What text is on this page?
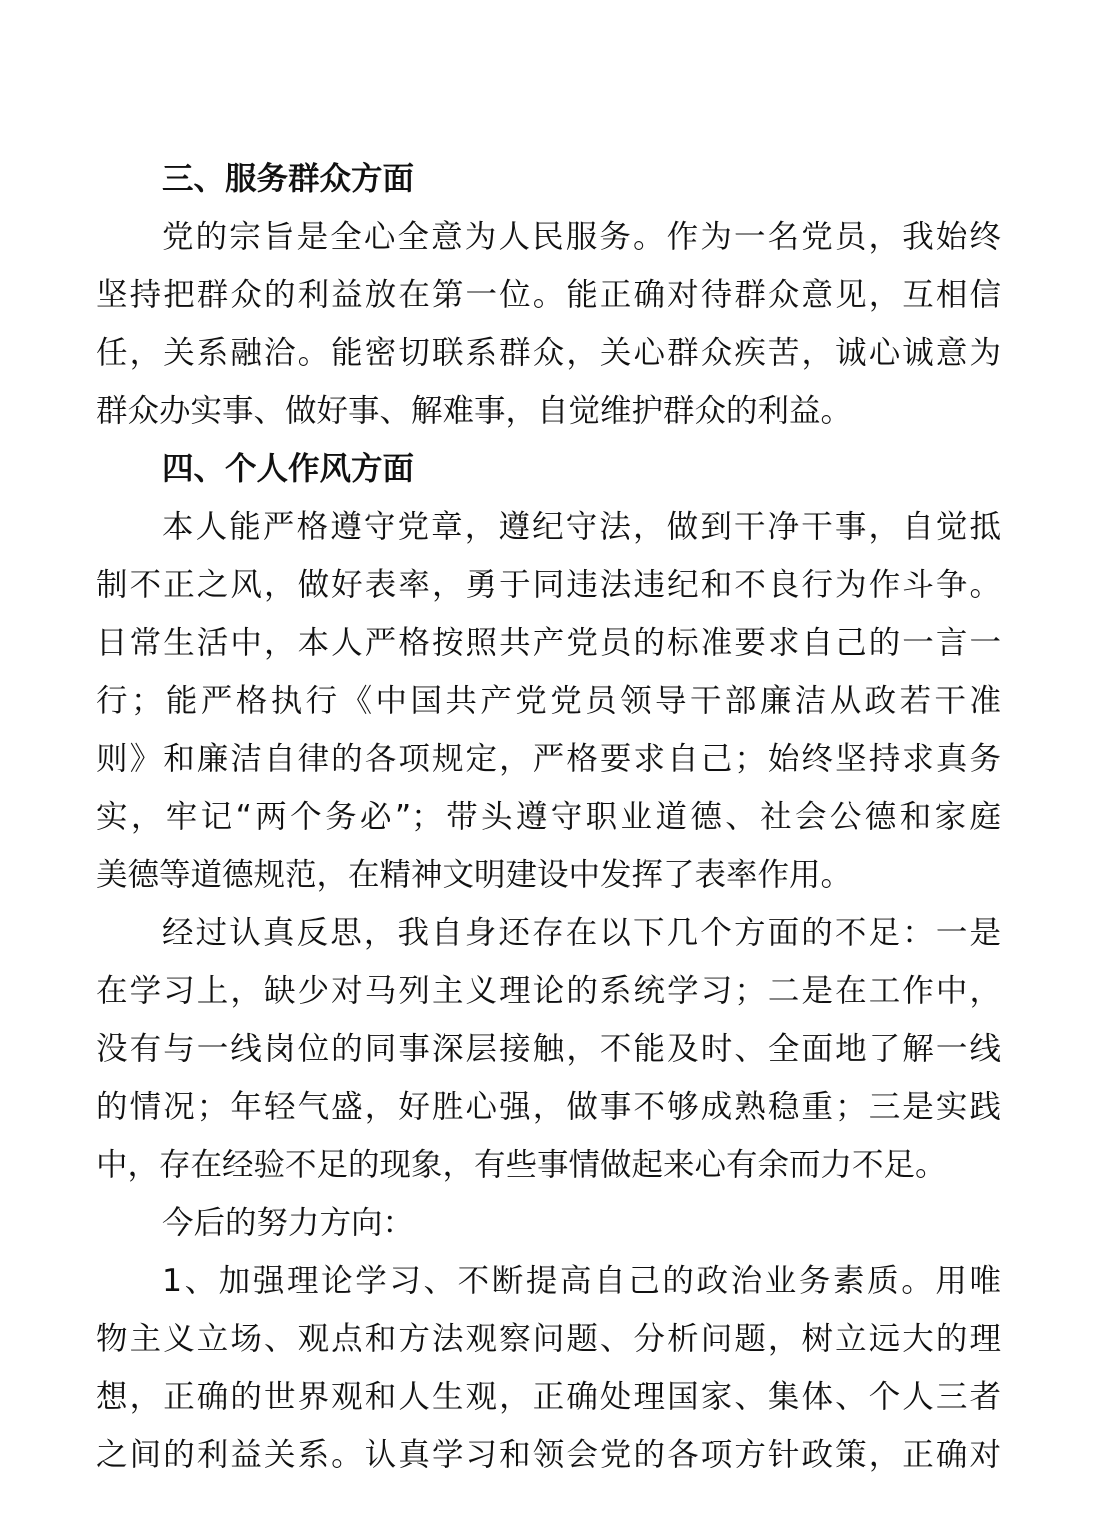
三、服务群众方面
党的宗旨是全心全意为人民服务。作为一名党员，我始终
坚持把群众的利益放在第一位。能正确对待群众意见，互相信
任，关系融洽。能密切联系群众，关心群众疾苦，诚心诚意为
群众办实事、做好事、解难事，自觉维护群众的利益。
四、个人作风方面
本人能严格遵守党章，遵纪守法，做到干净干事，自觉抵
制不正之风，做好表率，勇于同违法违纪和不良行为作斗争。
日常生活中，本人严格按照共产党员的标准要求自己的一言一
行；能严格执行《中国共产党党员领导干部廉洁从政若干准
则》和廉洁自律的各项规定，严格要求自己；始终坚持求真务
实，牢记“两个务必”；带头遵守职业道德、社会公德和家庭
美德等道德规范，在精神文明建设中发挥了表率作用。
经过认真反思，我自身还存在以下几个方面的不足：一是
在学习上，缺少对马列主义理论的系统学习；二是在工作中，
没有与一线岗位的同事深层接触，不能及时、全面地了解一线
的情况；年轻气盛，好胜心强，做事不够成熟稳重；三是实践
中，存在经验不足的现象，有些事情做起来心有余而力不足。
今后的努力方向：
1、加强理论学习、不断提高自己的政治业务素质。用唯
物主义立场、观点和方法观察问题、分析问题，树立远大的理
想，正确的世界观和人生观，正确处理国家、集体、个人三者
之间的利益关系。认真学习和领会党的各项方针政策，正确对
